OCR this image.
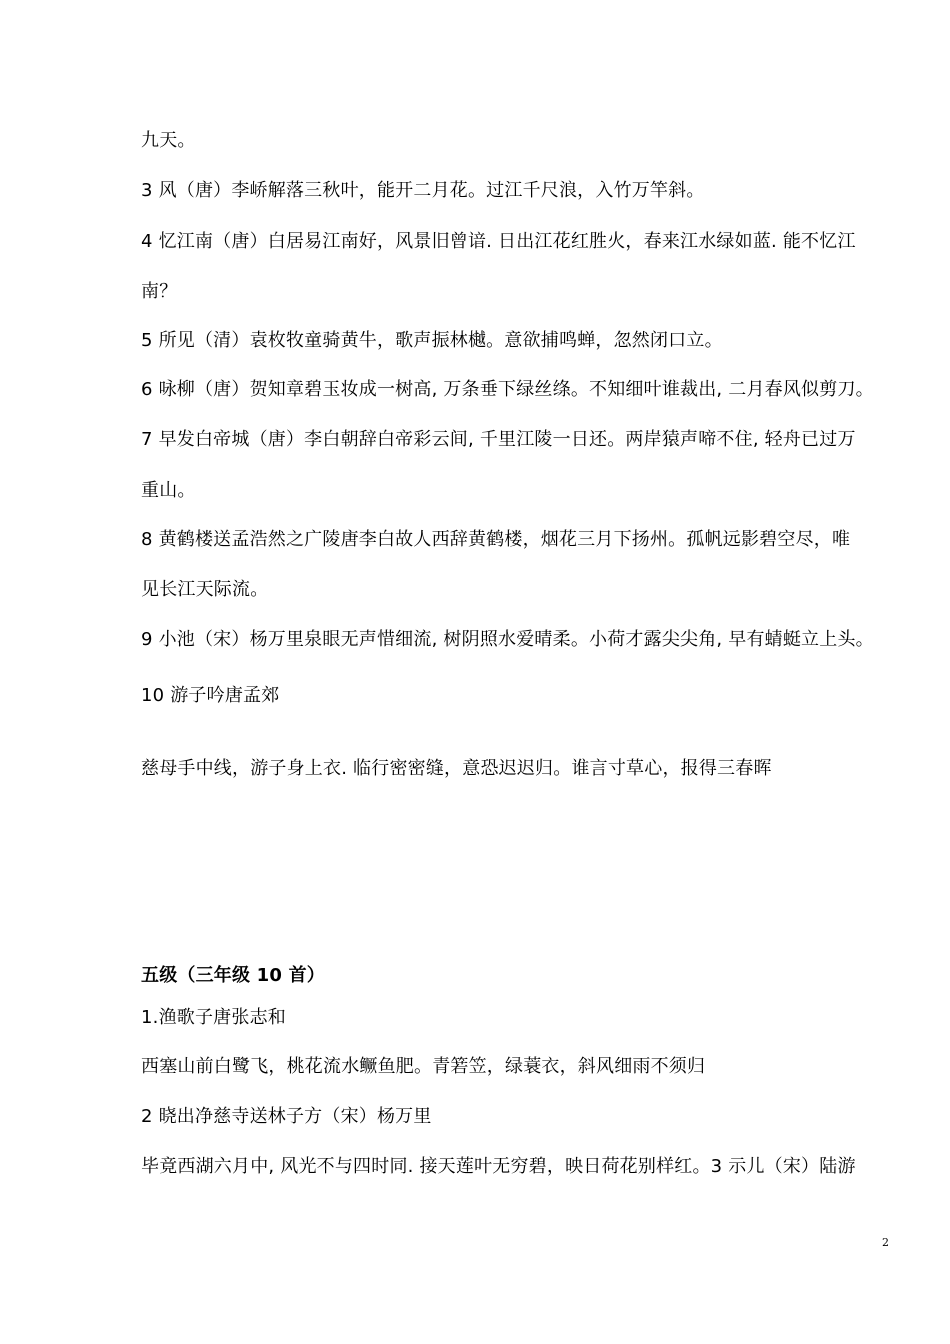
九天。
3 风（唐）李峤解落三秋叶，能开二月花。过江千尺浪，入竹万竿斜。
4 忆江南（唐）白居易江南好，风景旧曾谙. 日出江花红胜火，春来江水绿如蓝. 能不忆江
南？
5 所见（清）袁枚牧童骑黄牛，歌声振林樾。意欲捕鸣蝉，忽然闭口立。
6 咏柳（唐）贺知章碧玉妆成一树高, 万条垂下绿丝绦。不知细叶谁裁出, 二月春风似剪刀。
7 早发白帝城（唐）李白朝辞白帝彩云间, 千里江陵一日还。两岸猿声啼不住, 轻舟已过万
重山。
8 黄鹤楼送孟浩然之广陵唐李白故人西辞黄鹤楼，烟花三月下扬州。孤帆远影碧空尽，唯
见长江天际流。
9 小池（宋）杨万里泉眼无声惜细流, 树阴照水爱晴柔。小荷才露尖尖角, 早有蜻蜓立上头。
10 游子吟唐孟郊
慈母手中线，游子身上衣. 临行密密缝，意恐迟迟归。谁言寸草心，报得三春晖
五级（三年级 10 首）
1.渔歌子唐张志和
西塞山前白鹭飞，桃花流水鳜鱼肥。青箬笠，绿蓑衣，斜风细雨不须归
2 晓出净慈寺送林子方（宋）杨万里
毕竟西湖六月中, 风光不与四时同. 接天莲叶无穷碧，映日荷花别样红。3 示儿（宋）陆游
2
